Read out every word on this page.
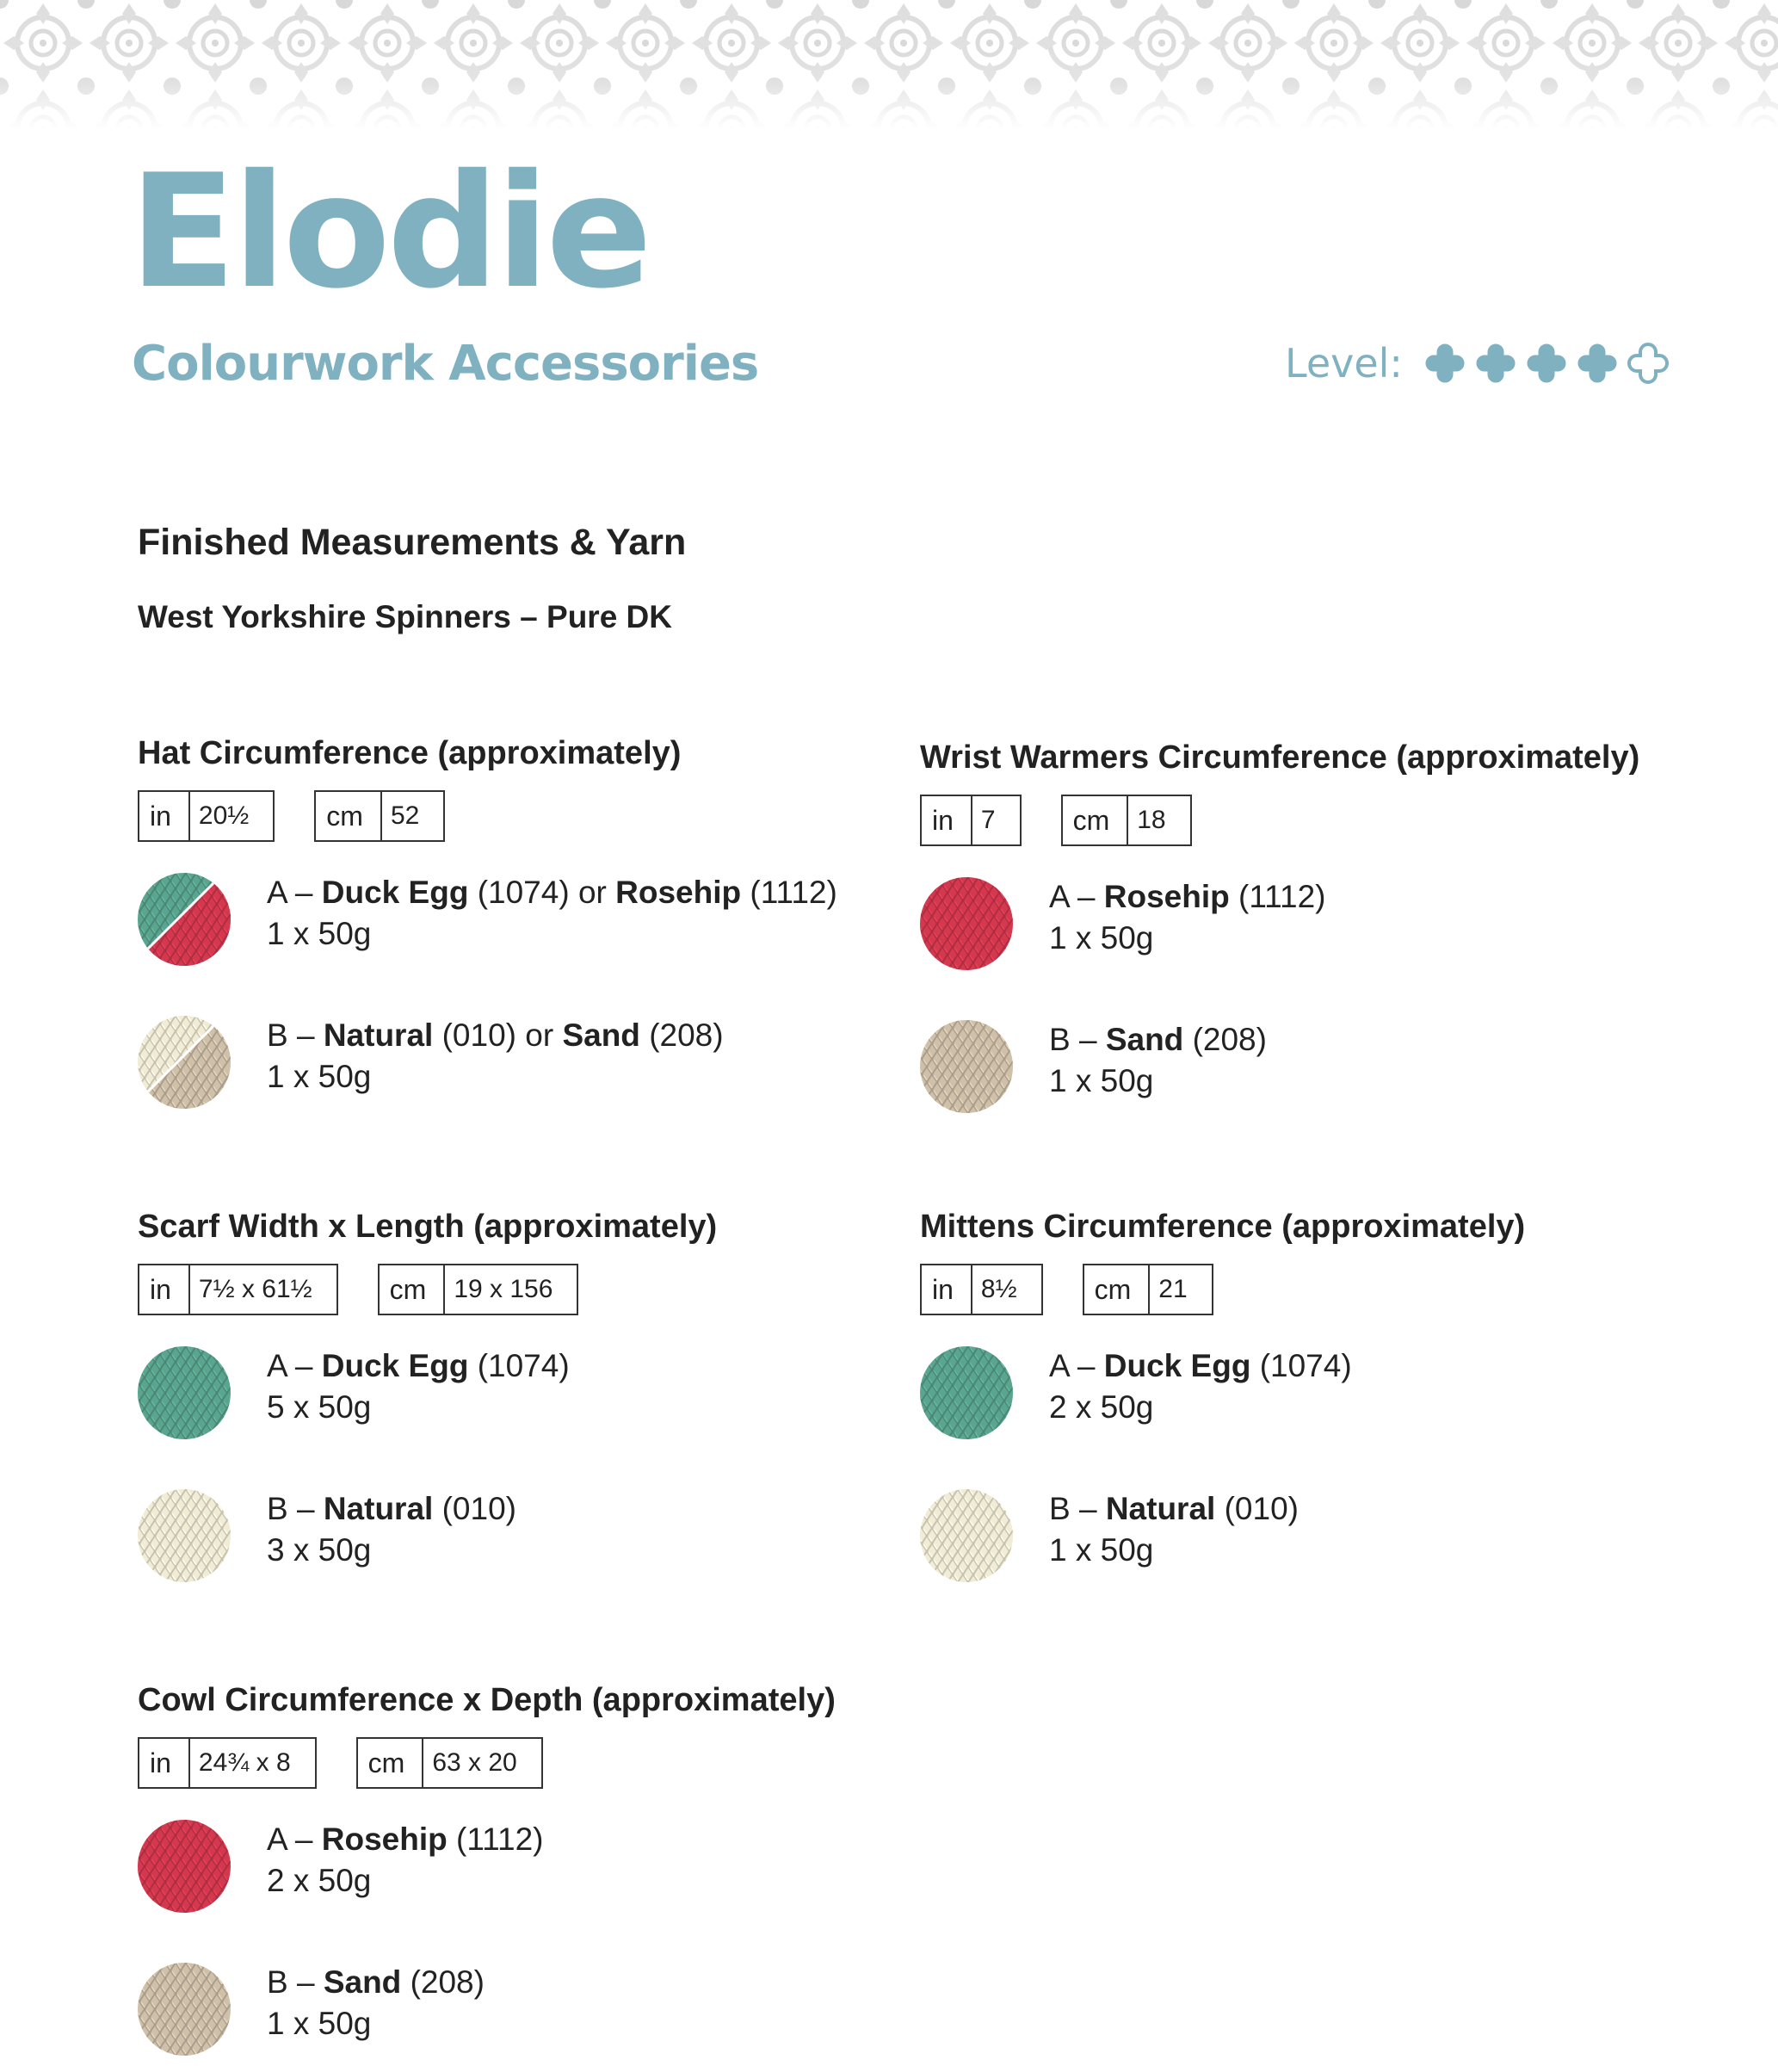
Elodie
Colourwork Accessories	Level:
Finished Measurements & Yarn

West Yorkshire Spinners – Pure DK

Hat Circumference (approximately)
in	20½	cm	52
A – Duck Egg (1074) or Rosehip (1112)
1 x 50g
B – Natural (010) or Sand (208)
1 x 50g
Wrist Warmers Circumference (approximately)
in	7	cm	18
A – Rosehip (1112)
1 x 50g
B – Sand (208)
1 x 50g
Scarf Width x Length (approximately)
in	7½ x 61½	cm	19 x 156
A – Duck Egg (1074)
5 x 50g
B – Natural (010)
3 x 50g
Mittens Circumference (approximately)
in	8½	cm	21
A – Duck Egg (1074)
2 x 50g
B – Natural (010)
1 x 50g
Cowl Circumference x Depth (approximately)
in	24¾ x 8	cm	63 x 20
A – Rosehip (1112)
2 x 50g
B – Sand (208)
1 x 50g
